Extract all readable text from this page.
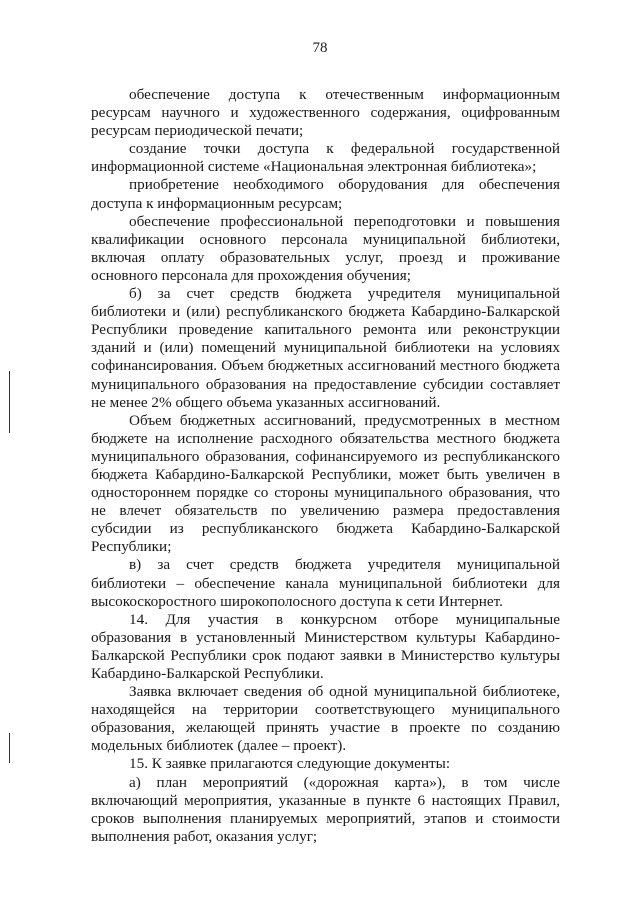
78

обеспечение доступа к отечественным информационным ресурсам научного и художественного содержания, оцифрованным ресурсам периодической печати;

создание точки доступа к федеральной государственной информационной системе «Национальная электронная библиотека»;

приобретение необходимого оборудования для обеспечения доступа к информационным ресурсам;

обеспечение профессиональной переподготовки и повышения квалификации основного персонала муниципальной библиотеки, включая оплату образовательных услуг, проезд и проживание основного персонала для прохождения обучения;

б) за счет средств бюджета учредителя муниципальной библиотеки и (или) республиканского бюджета Кабардино-Балкарской Республики проведение капитального ремонта или реконструкции зданий и (или) помещений муниципальной библиотеки на условиях софинансирования. Объем бюджетных ассигнований местного бюджета муниципального образования на предоставление субсидии составляет не менее 2% общего объема указанных ассигнований.

Объем бюджетных ассигнований, предусмотренных в местном бюджете на исполнение расходного обязательства местного бюджета муниципального образования, софинансируемого из республиканского бюджета Кабардино-Балкарской Республики, может быть увеличен в одностороннем порядке со стороны муниципального образования, что не влечет обязательств по увеличению размера предоставления субсидии из республиканского бюджета Кабардино-Балкарской Республики;

в) за счет средств бюджета учредителя муниципальной библиотеки – обеспечение канала муниципальной библиотеки для высокоскоростного широкополосного доступа к сети Интернет.

14. Для участия в конкурсном отборе муниципальные образования в установленный Министерством культуры Кабардино-Балкарской Республики срок подают заявки в Министерство культуры Кабардино-Балкарской Республики.

Заявка включает сведения об одной муниципальной библиотеке, находящейся на территории соответствующего муниципального образования, желающей принять участие в проекте по созданию модельных библиотек (далее – проект).

15. К заявке прилагаются следующие документы:

а) план мероприятий («дорожная карта»), в том числе включающий мероприятия, указанные в пункте 6 настоящих Правил, сроков выполнения планируемых мероприятий, этапов и стоимости выполнения работ, оказания услуг;
